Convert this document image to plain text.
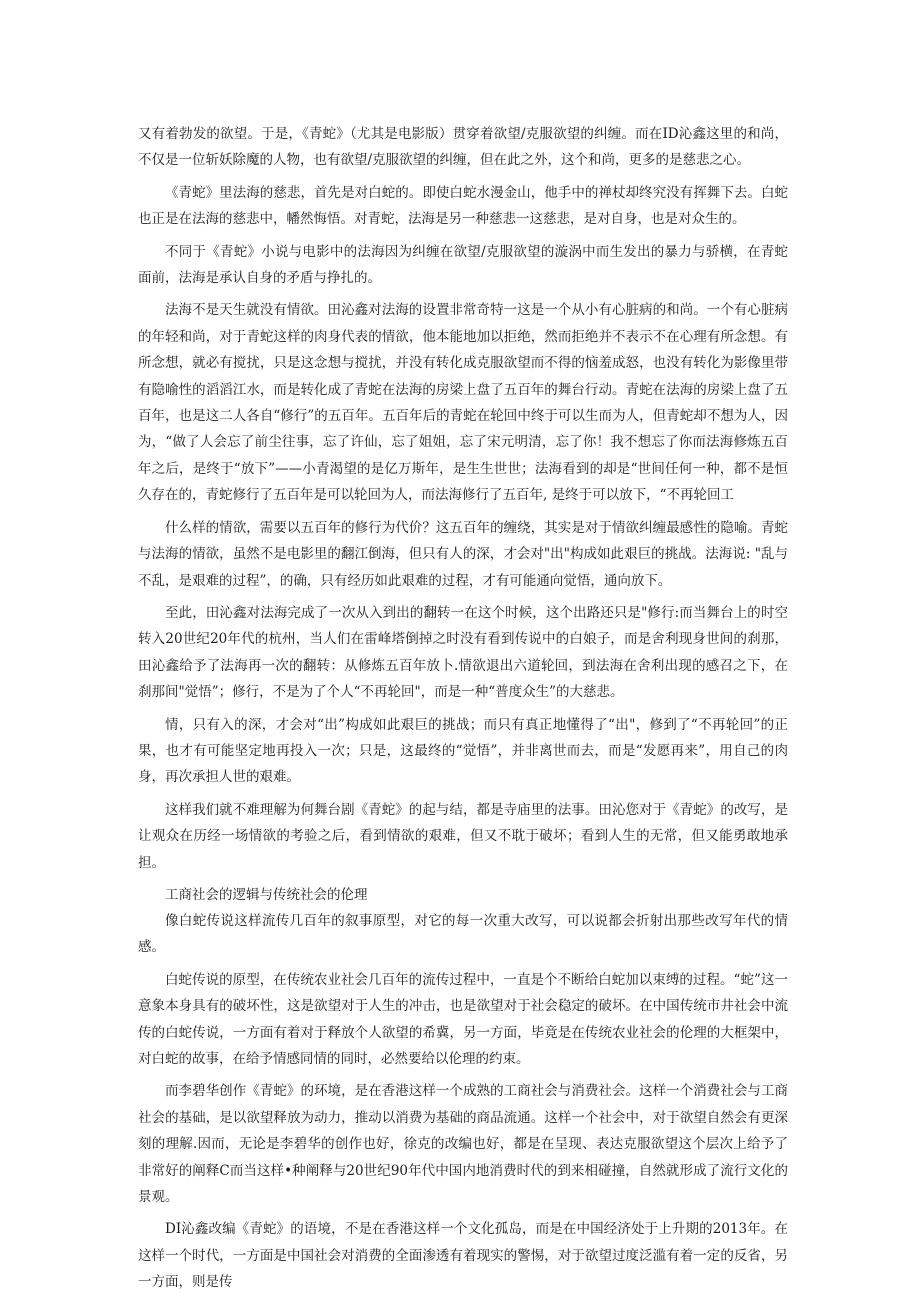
又有着勃发的欲望。于是，《青蛇》（尤其是电影版）贯穿着欲望/克服欲望的纠缠。而在ID沁鑫这里的和尚，不仅是一位斩妖除魔的人物，也有欲望/克服欲望的纠缠，但在此之外，这个和尚，更多的是慈悲之心。

《青蛇》里法海的慈悲，首先是对白蛇的。即使白蛇水漫金山，他手中的禅杖却终究没有挥舞下去。白蛇也正是在法海的慈悲中，幡然悔悟。对青蛇，法海是另一种慈悲一这慈悲，是对自身，也是对众生的。

不同于《青蛇》小说与电影中的法海因为纠缠在欲望/克服欲望的漩涡中而生发出的暴力与骄横，在青蛇面前，法海是承认自身的矛盾与挣扎的。

法海不是天生就没有情欲。田沁鑫对法海的设置非常奇特一这是一个从小有心脏病的和尚。一个有心脏病的年轻和尚，对于青蛇这样的肉身代表的情欲，他本能地加以拒绝，然而拒绝并不表示不在心理有所念想。有所念想，就必有搅扰，只是这念想与搅扰，并没有转化成克服欲望而不得的恼羞成怒，也没有转化为影像里带有隐喻性的滔滔江水，而是转化成了青蛇在法海的房梁上盘了五百年的舞台行动。青蛇在法海的房梁上盘了五百年，也是这二人各自“修行”的五百年。五百年后的青蛇在轮回中终于可以生而为人，但青蛇却不想为人，因为，“做了人会忘了前尘往事，忘了许仙，忘了姐姐，忘了宋元明清，忘了你！我不想忘了你而法海修炼五百年之后，是终于“放下”——小青渴望的是亿万斯年，是生生世世；法海看到的却是“世间任何一种，都不是恒久存在的，青蛇修行了五百年是可以轮回为人，而法海修行了五百年, 是终于可以放下，“不再轮回工

什么样的情欲，需要以五百年的修行为代价？这五百年的缠绕，其实是对于情欲纠缠最感性的隐喻。青蛇与法海的情欲，虽然不是电影里的翻江倒海，但只有人的深，才会对"出"构成如此艰巨的挑战。法海说: "乱与不乱，是艰难的过程”，的确，只有经历如此艰难的过程，才有可能通向觉悟，通向放下。

至此，田沁鑫对法海完成了一次从入到出的翻转一在这个时候，这个出路还只是"修行:而当舞台上的时空转入20世纪20年代的杭州，当人们在雷峰塔倒掉之时没有看到传说中的白娘子，而是舍利现身世间的刹那，田沁鑫给予了法海再一次的翻转：从修炼五百年放卜.情欲退出六道轮回，到法海在舍利出现的感召之下，在刹那间"觉悟”；修行，不是为了个人“不再轮回"，而是一种“普度众生”的大慈悲。

情，只有入的深，才会对“出”构成如此艰巨的挑战；而只有真正地懂得了“出"，修到了“不再轮回”的正果，也才有可能坚定地再投入一次；只是，这最终的“觉悟”，并非离世而去，而是“发愿再来”，用自己的肉身，再次承担人世的艰难。

这样我们就不难理解为何舞台剧《青蛇》的起与结，都是寺庙里的法事。田沁您对于《青蛇》的改写，是让观众在历经一场情欲的考验之后，看到情欲的艰难，但又不耽于破坏；看到人生的无常，但又能勇敢地承担。

工商社会的逻辑与传统社会的伦理

像白蛇传说这样流传几百年的叙事原型，对它的每一次重大改写，可以说都会折射出那些改写年代的情感。

白蛇传说的原型，在传统农业社会几百年的流传过程中，一直是个不断给白蛇加以束缚的过程。“蛇”这一意象本身具有的破坏性，这是欲望对于人生的冲击，也是欲望对于社会稳定的破坏。在中国传统市井社会中流传的白蛇传说，一方面有着对于释放个人欲望的希冀，另一方面，毕竟是在传统农业社会的伦理的大框架中，对白蛇的故事，在给予情感同情的同时，必然要给以伦理的约束。

而李碧华创作《青蛇》的环境，是在香港这样一个成熟的工商社会与消费社会。这样一个消费社会与工商社会的基础，是以欲望释放为动力，推动以消费为基础的商品流通。这样一个社会中，对于欲望自然会有更深刻的理解.因而，无论是李碧华的创作也好，徐克的改编也好，都是在呈现、表达克服欲望这个层次上给予了非常好的阐释C而当这样•种阐释与20世纪90年代中国内地消费时代的到来相碰撞，自然就形成了流行文化的景观。

DI沁鑫改编《青蛇》的语境，不是在香港这样一个文化孤岛，而是在中国经济处于上升期的2013年。在这样一个时代，一方面是中国社会对消费的全面渗透有着现实的警惕，对于欲望过度泛滥有着一定的反省，另一方面，则是传
